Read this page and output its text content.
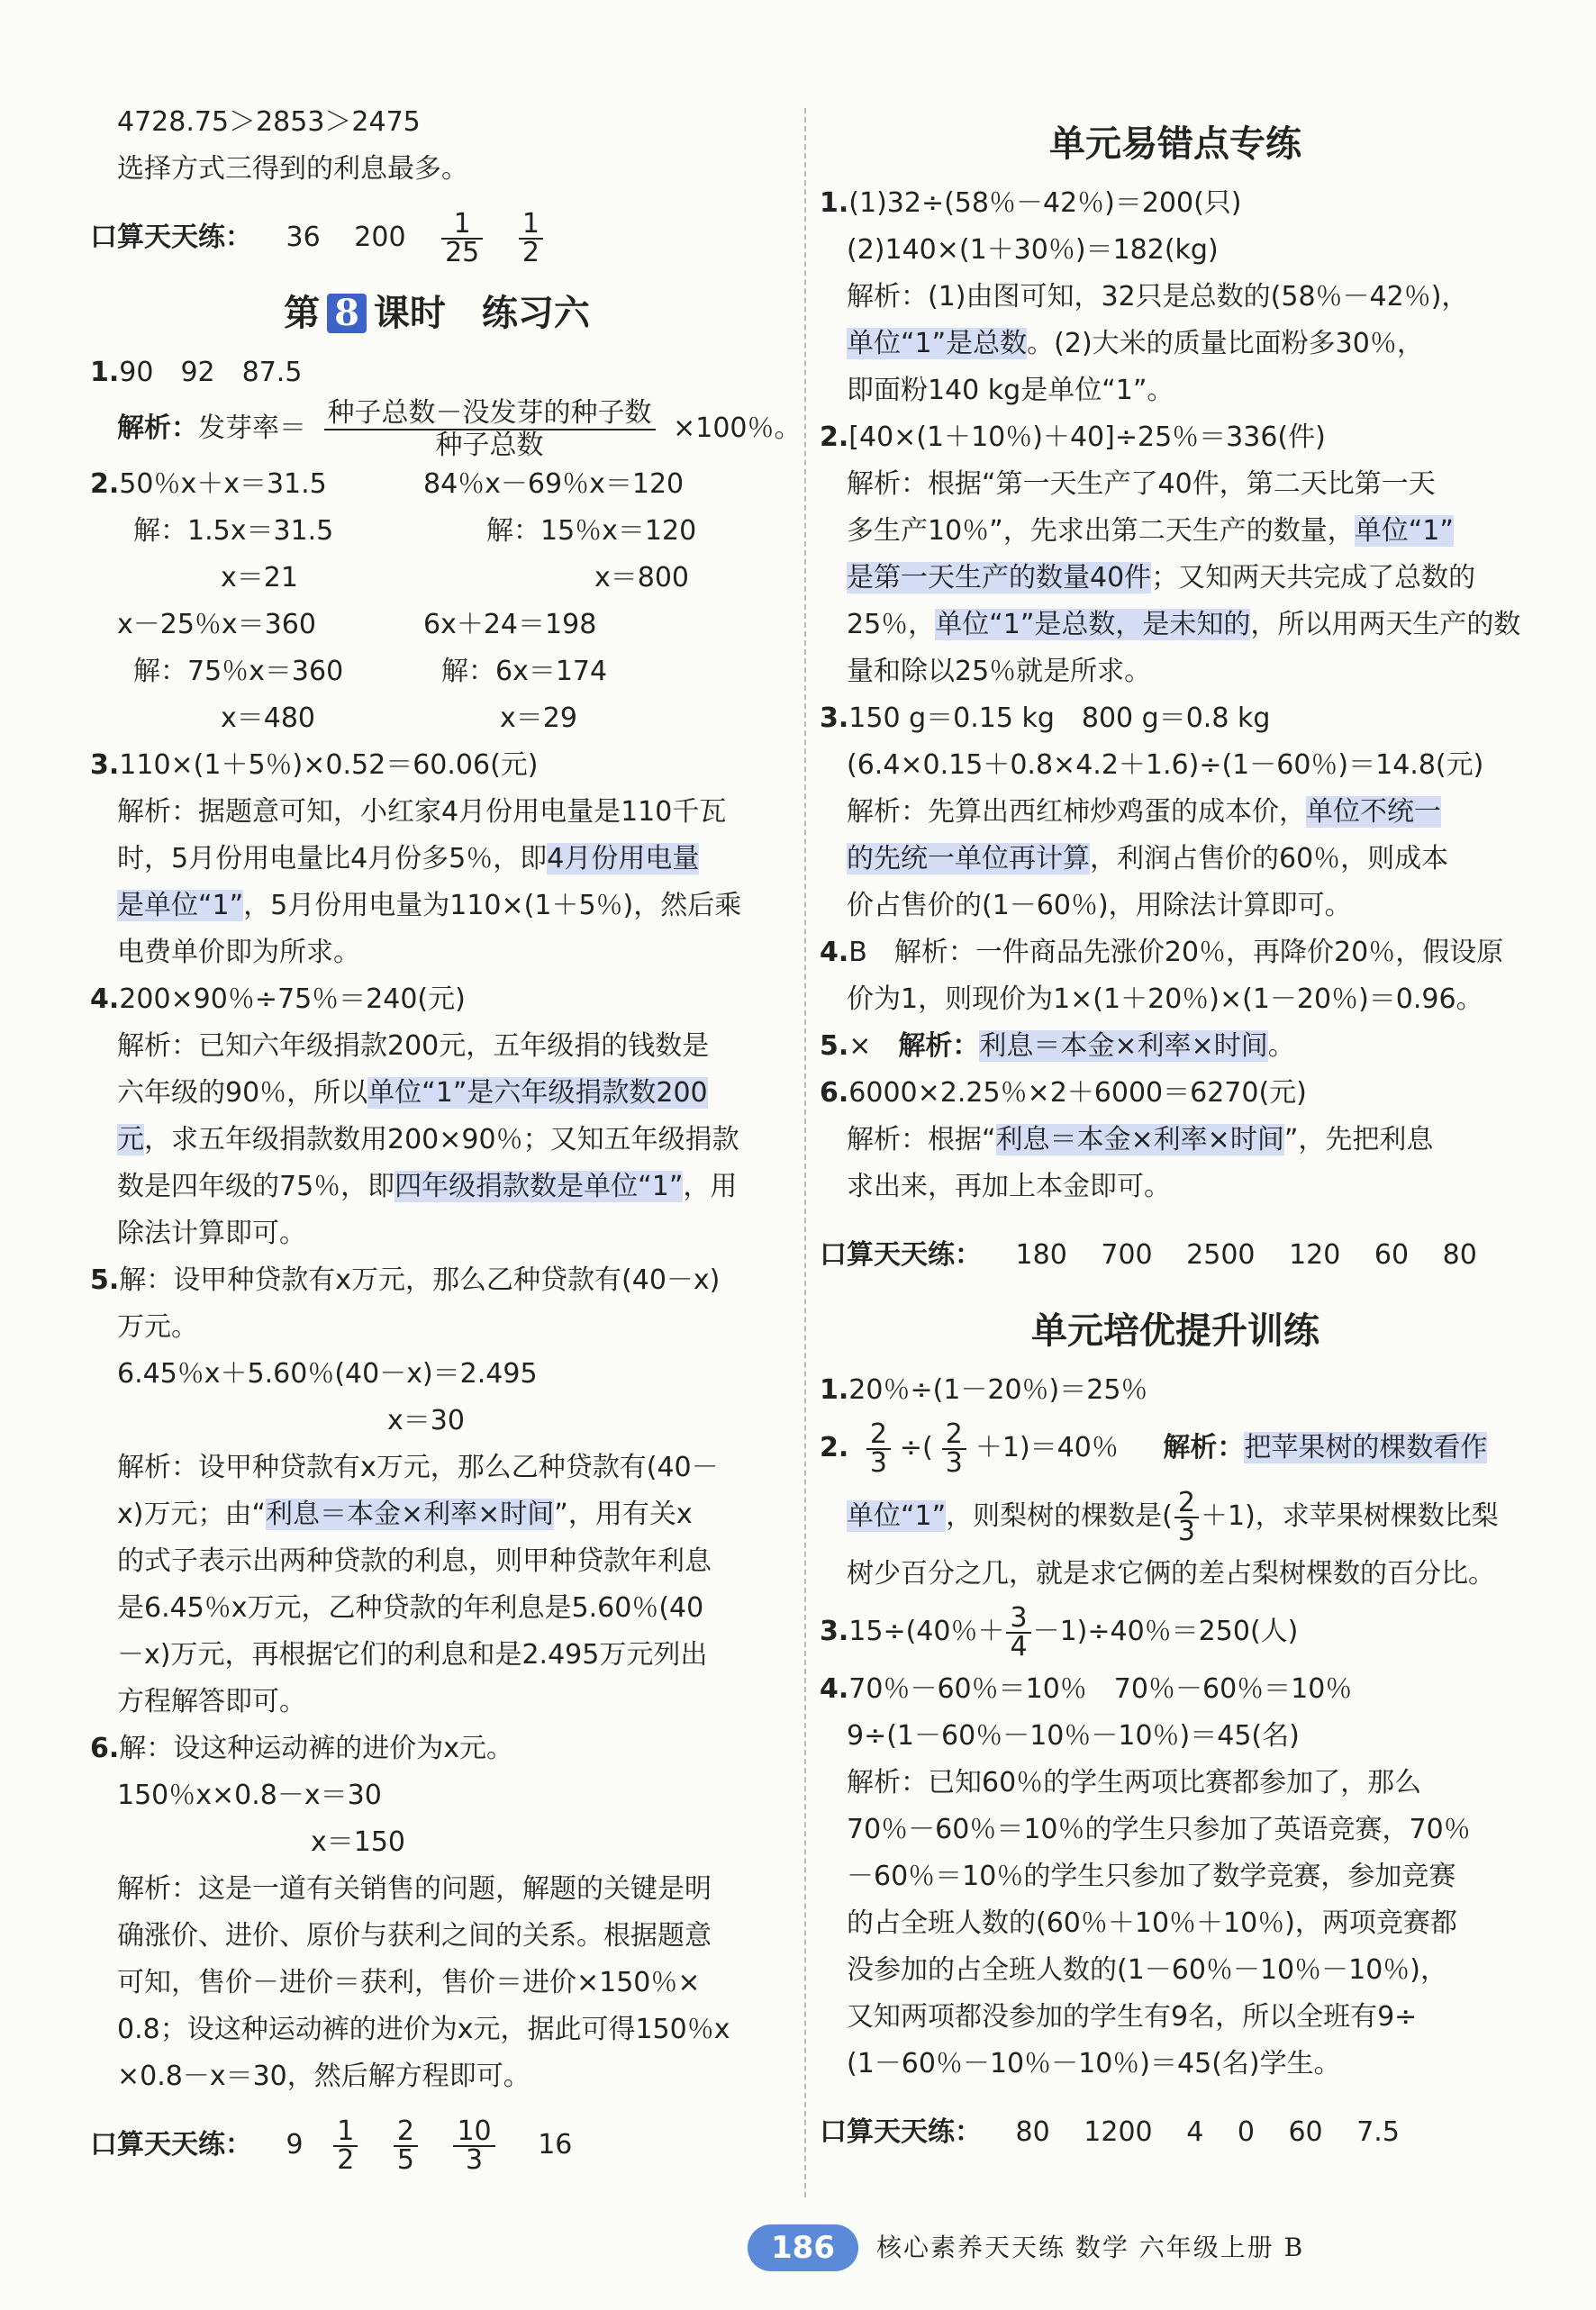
4728.75＞2853＞2475
选择方式三得到的利息最多。
口算天天练： 36 $200 \frac{1}{25}$
$\frac{1}{2}$
第 8 课时 练习六
1.90　92　87.5
解析：发芽率＝ $\frac{\text{种子总数－没发芽的种子数}}{\text{种子总数}} \times 100$％。
2.50％x＋x＝31.5	84％x－69％x＝120
解：1.5x＝31.5	解：15％x＝120
x＝21	x＝800
x－25％x＝360	6x＋24＝198
解：75％x＝360	解：6x＝174
x＝480	x＝29
3.110×(1＋5％)×0.52＝60.06(元)
解析：据题意可知，小红家4月份用电量是110千瓦
时，5月份用电量比4月份多5％，即4月份用电量
是单位“1”，5月份用电量为110×(1＋5％)，然后乘
电费单价即为所求。
4.200×90％÷75％＝240(元)
解析：已知六年级捐款200元，五年级捐的钱数是
六年级的90％，所以单位“1”是六年级捐款数200
元，求五年级捐款数用200×90％；又知五年级捐款
数是四年级的75％，即四年级捐款数是单位“1”，用
除法计算即可。
5.解：设甲种贷款有x万元，那么乙种贷款有(40－x)
万元。
6.45％x＋5.60％(40－x)＝2.495
x＝30
解析：设甲种贷款有x万元，那么乙种贷款有(40－
x)万元；由“利息＝本金×利率×时间”，用有关x
的式子表示出两种贷款的利息，则甲种贷款年利息
是6.45％x万元，乙种贷款的年利息是5.60％(40
－x)万元，再根据它们的利息和是2.495万元列出
方程解答即可。
6.解：设这种运动裤的进价为x元。
150％x×0.8－x＝30
x＝150
解析：这是一道有关销售的问题，解题的关键是明
确涨价、进价、原价与获利之间的关系。根据题意
可知，售价－进价＝获利，售价＝进价×150％×
0.8；设这种运动裤的进价为x元，据此可得150％x
×0.8－x＝30，然后解方程即可。
口算天天练： $9 \frac{1}{2}$
$\frac{2}{5}$
$\frac{10}{3} 16$
单元易错点专练
1.(1)32÷(58％－42％)＝200(只)
(2)140×(1＋30％)＝182(kg)
解析：(1)由图可知，32只是总数的(58％－42％)，
单位“1”是总数。(2)大米的质量比面粉多30％，
即面粉140 kg是单位“1”。
2.[40×(1＋10％)＋40]÷25％＝336(件)
解析：根据“第一天生产了40件，第二天比第一天
多生产10％”，先求出第二天生产的数量，单位“1”
是第一天生产的数量40件；又知两天共完成了总数的
25％，单位“1”是总数，是未知的，所以用两天生产的数
量和除以25％就是所求。
3.150 g＝0.15 kg　800 g＝0.8 kg
(6.4×0.15＋0.8×4.2＋1.6)÷(1－60％)＝14.8(元)
解析：先算出西红柿炒鸡蛋的成本价，单位不统一
的先统一单位再计算，利润占售价的60％，则成本
价占售价的(1－60％)，用除法计算即可。
4.B　解析：一件商品先涨价20％，再降价20％，假设原
价为1，则现价为1×(1＋20％)×(1－20％)＝0.96。
5.×　解析：利息＝本金×利率×时间。
6.6000×2.25％×2＋6000＝6270(元)
解析：根据“利息＝本金×利率×时间”，先把利息
求出来，再加上本金即可。
口算天天练： 180 700 2500 120 60 80
单元培优提升训练
1.20％÷(1－20％)＝25％
2. $\frac{2}{3}$ ÷( $\frac{2}{3} +1)=40$％ 解析：把苹果树的棵数看作
单位“1”，则梨树的棵数是( $\frac{2}{3} +1$)，求苹果树棵数比梨
树少百分之几，就是求它俩的差占梨树棵数的百分比。
3.15÷(40％＋ $\frac{3}{4} -1)\div 40$％＝250(人)
4.70％－60％＝10％　70％－60％＝10％
9÷(1－60％－10％－10％)＝45(名)
解析：已知60％的学生两项比赛都参加了，那么
70％－60％＝10％的学生只参加了英语竞赛，70％
－60％＝10％的学生只参加了数学竞赛，参加竞赛
的占全班人数的(60％＋10％＋10％)，两项竞赛都
没参加的占全班人数的(1－60％－10％－10％)，
又知两项都没参加的学生有9名，所以全班有9÷
(1－60％－10％－10％)＝45(名)学生。
口算天天练： 80 1200 4 0 60 7.5
186	核心素养天天练 数学 六年级上册 B
